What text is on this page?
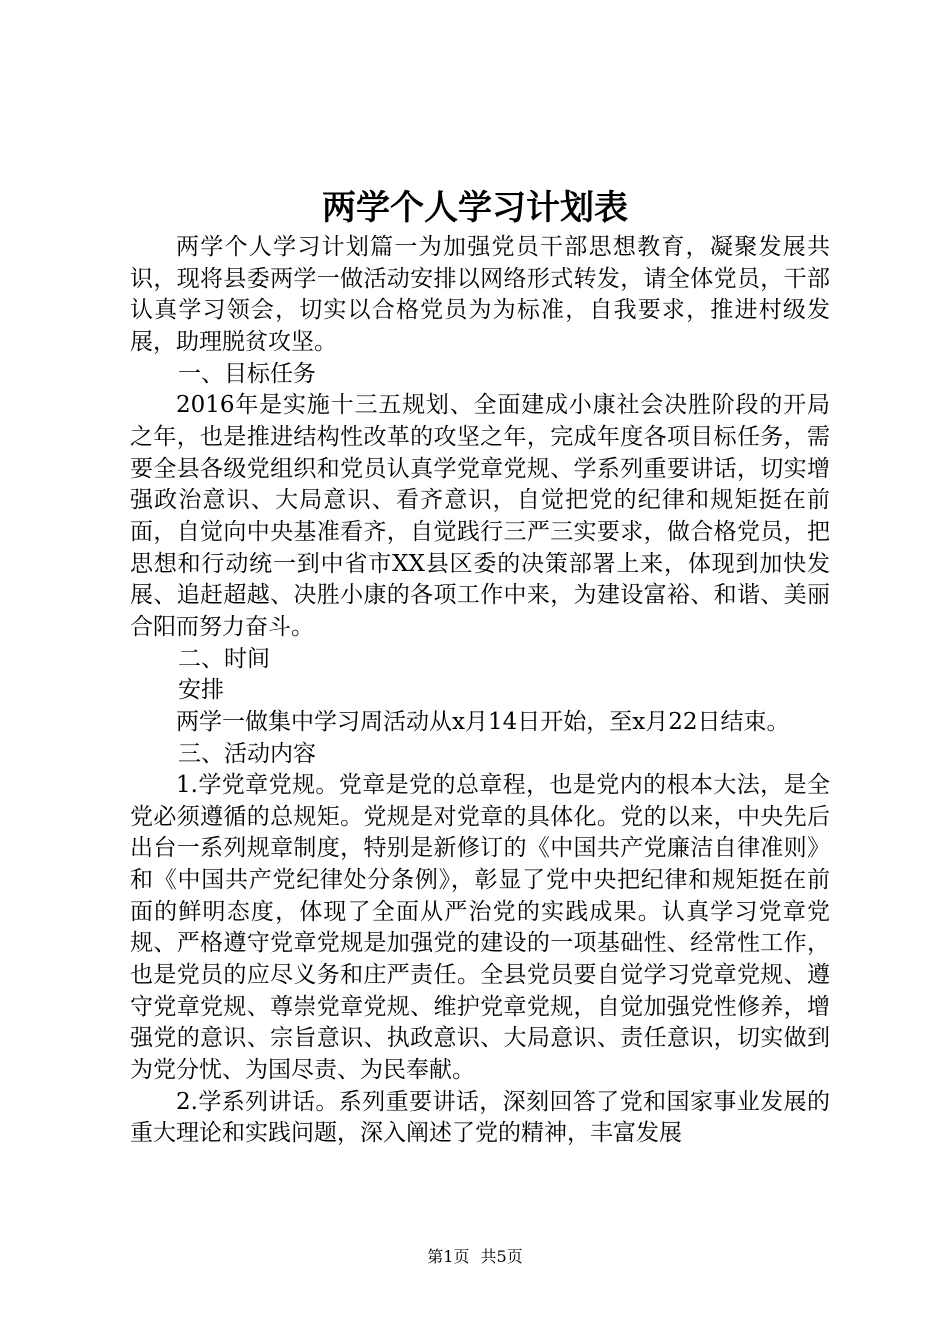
两学个人学习计划表

两学个人学习计划篇一为加强党员干部思想教育，凝聚发展共识，现将县委两学一做活动安排以网络形式转发，请全体党员，干部认真学习领会，切实以合格党员为为标准，自我要求，推进村级发展，助理脱贫攻坚。

一、目标任务

2016年是实施十三五规划、全面建成小康社会决胜阶段的开局之年，也是推进结构性改革的攻坚之年，完成年度各项目标任务，需要全县各级党组织和党员认真学党章党规、学系列重要讲话，切实增强政治意识、大局意识、看齐意识，自觉把党的纪律和规矩挺在前面，自觉向中央基准看齐，自觉践行三严三实要求，做合格党员，把思想和行动统一到中省市XX县区委的决策部署上来，体现到加快发展、追赶超越、决胜小康的各项工作中来，为建设富裕、和谐、美丽合阳而努力奋斗。

二、时间

安排

两学一做集中学习周活动从x月14日开始，至x月22日结束。

三、活动内容

1.学党章党规。党章是党的总章程，也是党内的根本大法，是全党必须遵循的总规矩。党规是对党章的具体化。党的以来，中央先后出台一系列规章制度，特别是新修订的《中国共产党廉洁自律准则》和《中国共产党纪律处分条例》，彰显了党中央把纪律和规矩挺在前面的鲜明态度，体现了全面从严治党的实践成果。认真学习党章党规、严格遵守党章党规是加强党的建设的一项基础性、经常性工作，也是党员的应尽义务和庄严责任。全县党员要自觉学习党章党规、遵守党章党规、尊崇党章党规、维护党章党规，自觉加强党性修养，增强党的意识、宗旨意识、执政意识、大局意识、责任意识，切实做到为党分忧、为国尽责、为民奉献。

2.学系列讲话。系列重要讲话，深刻回答了党和国家事业发展的重大理论和实践问题，深入阐述了党的精神，丰富发展

第1页 共5页
